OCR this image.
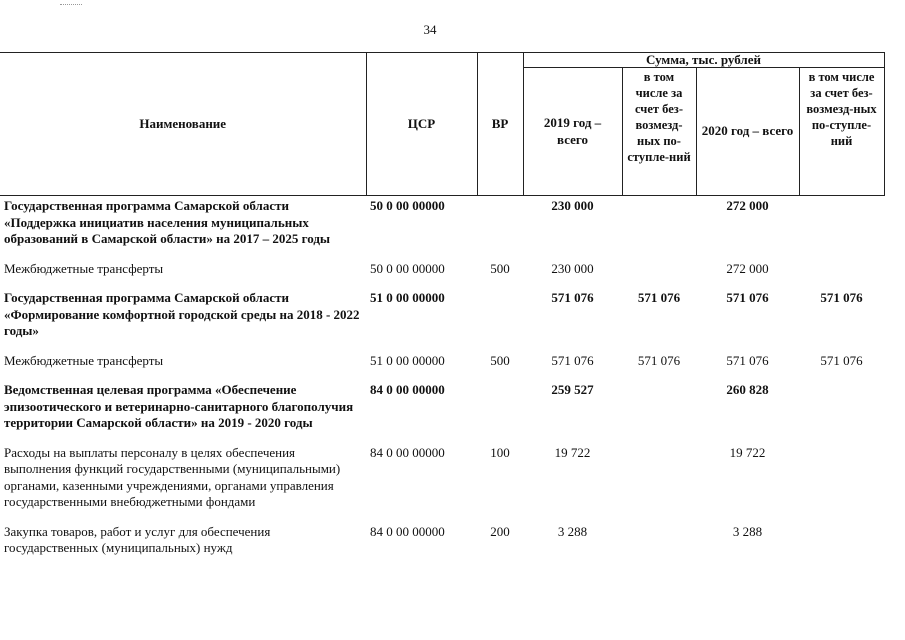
34
Наименование	ЦСР	ВР	Сумма, тыс. рублей			
			2019 год – всего	в том числе за счет без-возмезд-ных по-ступле-ний	2020 год – всего	в том числе за счет без-возмезд-ных по-ступле-ний
Государственная программа Самарской области «Поддержка инициатив населения муниципальных образований в Самарской области» на 2017 – 2025 годы	50 0 00 00000		230 000		272 000	
Межбюджетные трансферты	50 0 00 00000	500	230 000		272 000	
Государственная программа Самарской области «Формирование комфортной городской среды на 2018 - 2022 годы»	51 0 00 00000		571 076	571 076	571 076	571 076
Межбюджетные трансферты	51 0 00 00000	500	571 076	571 076	571 076	571 076
Ведомственная целевая программа «Обеспечение эпизоотического и ветеринарно-санитарного благополучия территории Самарской области» на 2019 - 2020 годы	84 0 00 00000		259 527		260 828	
Расходы на выплаты персоналу в целях обеспечения выполнения функций государственными (муниципальными) органами, казенными учреждениями, органами управления государственными внебюджетными фондами	84 0 00 00000	100	19 722		19 722	
Закупка товаров, работ и услуг для обеспечения государственных (муниципальных) нужд	84 0 00 00000	200	3 288		3 288	
